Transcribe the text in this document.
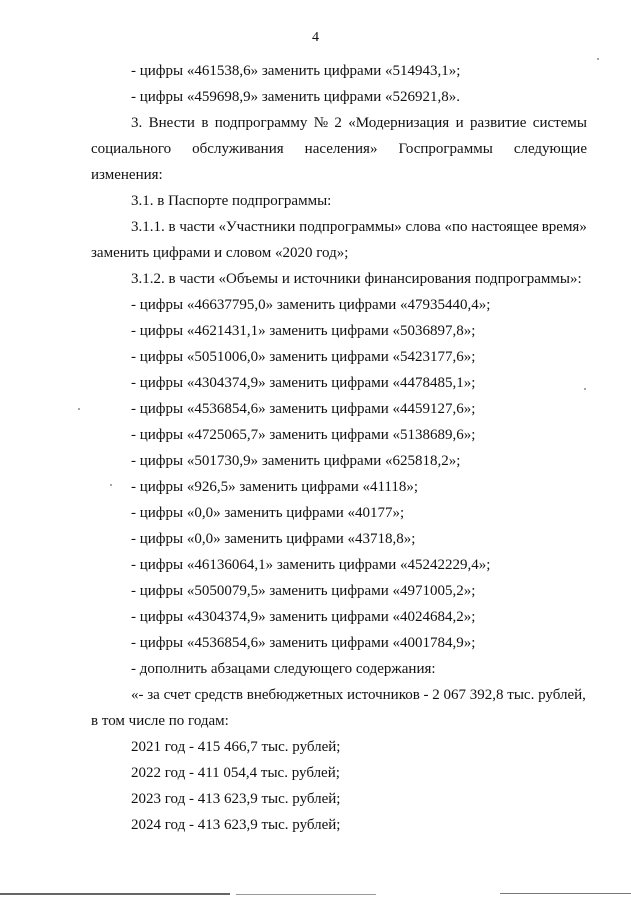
4
- цифры «461538,6» заменить цифрами «514943,1»;
- цифры «459698,9» заменить цифрами «526921,8».
3. Внести в подпрограмму № 2 «Модернизация и развитие системы
социального обслуживания населения» Госпрограммы следующие
изменения:
3.1. в Паспорте подпрограммы:
3.1.1. в части «Участники подпрограммы» слова «по настоящее время»
заменить цифрами и словом «2020 год»;
3.1.2. в части «Объемы и источники финансирования подпрограммы»:
- цифры «46637795,0» заменить цифрами «47935440,4»;
- цифры «4621431,1» заменить цифрами «5036897,8»;
- цифры «5051006,0» заменить цифрами «5423177,6»;
- цифры «4304374,9» заменить цифрами «4478485,1»;
- цифры «4536854,6» заменить цифрами «4459127,6»;
- цифры «4725065,7» заменить цифрами «5138689,6»;
- цифры «501730,9» заменить цифрами «625818,2»;
- цифры «926,5» заменить цифрами «41118»;
- цифры «0,0» заменить цифрами «40177»;
- цифры «0,0» заменить цифрами «43718,8»;
- цифры «46136064,1» заменить цифрами «45242229,4»;
- цифры «5050079,5» заменить цифрами «4971005,2»;
- цифры «4304374,9» заменить цифрами «4024684,2»;
- цифры «4536854,6» заменить цифрами «4001784,9»;
- дополнить абзацами следующего содержания:
«- за счет средств внебюджетных источников - 2 067 392,8 тыс. рублей,
в том числе по годам:
2021 год - 415 466,7 тыс. рублей;
2022 год - 411 054,4 тыс. рублей;
2023 год - 413 623,9 тыс. рублей;
2024 год - 413 623,9 тыс. рублей;
